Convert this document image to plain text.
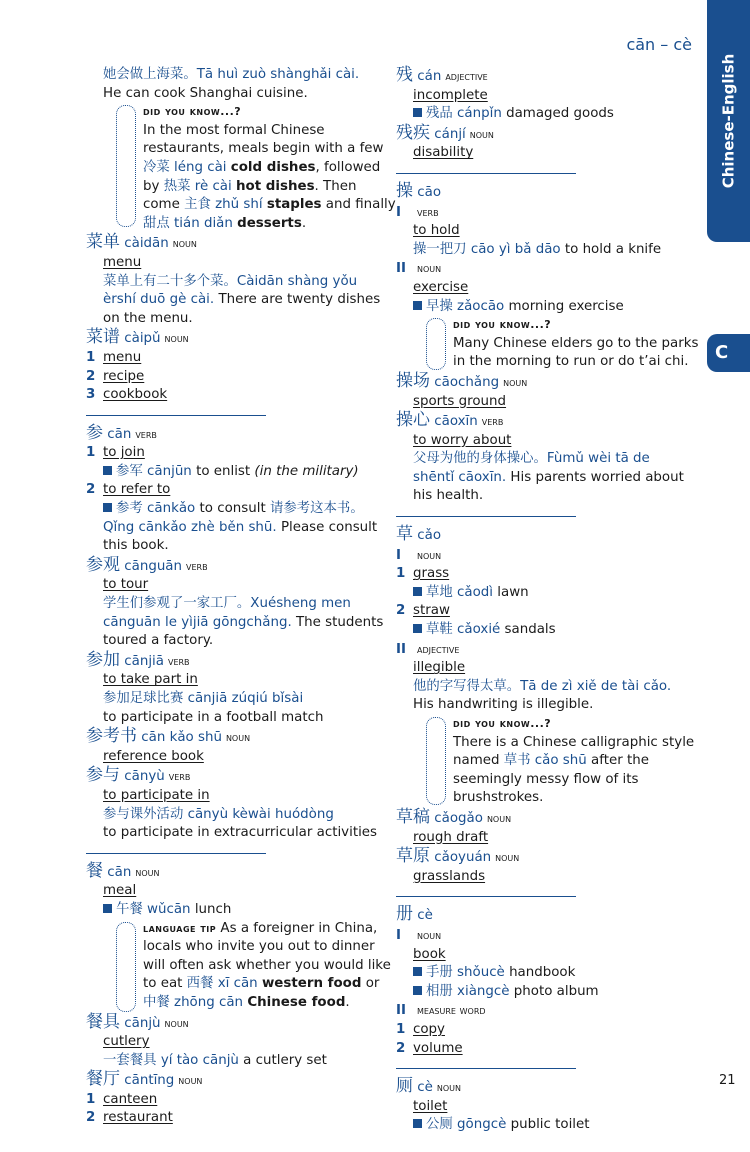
cān – cè
Chinese-English
C
21
她会做上海菜。Tā huì zuò shànghǎi cài.
He can cook Shanghai cuisine.
did you know...?
In the most formal Chinese
restaurants, meals begin with a few
冷菜 léng cài cold dishes, followed
by 热菜 rè cài hot dishes. Then
come 主食 zhǔ shí staples and finally
甜点 tián diǎn desserts.
菜单 càidān noun
menu
菜单上有二十多个菜。Càidān shàng yǒu
èrshí duō gè cài. There are twenty dishes
on the menu.
菜谱 càipǔ noun
1 menu
2 recipe
3 cookbook
参 cān verb
1 to join
参军 cānjūn to enlist (in the military)
2 to refer to
参考 cānkǎo to consult 请参考这本书。
Qǐng cānkǎo zhè běn shū. Please consult
this book.
参观 cānguān verb
to tour
学生们参观了一家工厂。Xuésheng men
cānguān le yìjiā gōngchǎng. The students
toured a factory.
参加 cānjiā verb
to take part in
参加足球比赛 cānjiā zúqiú bǐsài
to participate in a football match
参考书 cān kǎo shū noun
reference book
参与 cānyù verb
to participate in
参与课外活动 cānyù kèwài huódòng
to participate in extracurricular activities
餐 cān noun
meal
午餐 wǔcān lunch
language tip As a foreigner in China,
locals who invite you out to dinner
will often ask whether you would like
to eat 西餐 xī cān western food or
中餐 zhōng cān Chinese food.
餐具 cānjù noun
cutlery
一套餐具 yí tào cānjù a cutlery set
餐厅 cāntīng noun
1 canteen
2 restaurant
残 cán adjective
incomplete
残品 cánpǐn damaged goods
残疾 cánjí noun
disability
操 cāo
I verb
to hold
操一把刀 cāo yì bǎ dāo to hold a knife
II noun
exercise
早操 zǎocāo morning exercise
did you know...?
Many Chinese elders go to the parks
in the morning to run or do t’ai chi.
操场 cāochǎng noun
sports ground
操心 cāoxīn verb
to worry about
父母为他的身体操心。Fùmǔ wèi tā de
shēntǐ cāoxīn. His parents worried about
his health.
草 cǎo
I noun
1 grass
草地 cǎodì lawn
2 straw
草鞋 cǎoxié sandals
II adjective
illegible
他的字写得太草。Tā de zì xiě de tài cǎo.
His handwriting is illegible.
did you know...?
There is a Chinese calligraphic style
named 草书 cǎo shū after the
seemingly messy flow of its
brushstrokes.
草稿 cǎogǎo noun
rough draft
草原 cǎoyuán noun
grasslands
册 cè
I noun
book
手册 shǒucè handbook
相册 xiàngcè photo album
II measure word
1 copy
2 volume
厕 cè noun
toilet
公厕 gōngcè public toilet
